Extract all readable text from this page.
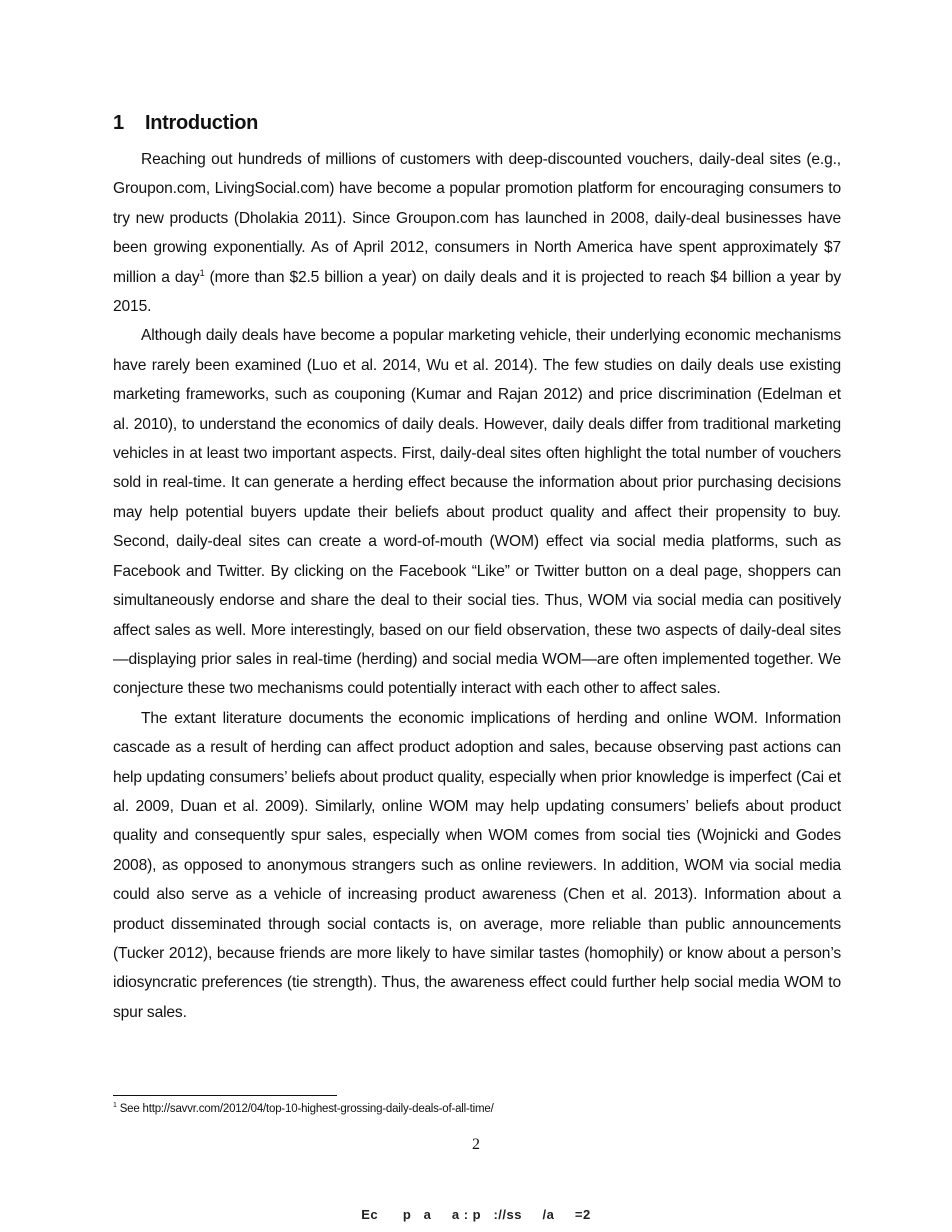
1 Introduction

Reaching out hundreds of millions of customers with deep-discounted vouchers, daily-deal sites (e.g., Groupon.com, LivingSocial.com) have become a popular promotion platform for encouraging consumers to try new products (Dholakia 2011). Since Groupon.com has launched in 2008, daily-deal businesses have been growing exponentially. As of April 2012, consumers in North America have spent approximately $7 million a day$^1$ (more than $2.5 billion a year) on daily deals and it is projected to reach $4 billion a year by 2015.

Although daily deals have become a popular marketing vehicle, their underlying economic mechanisms have rarely been examined (Luo et al. 2014, Wu et al. 2014). The few studies on daily deals use existing marketing frameworks, such as couponing (Kumar and Rajan 2012) and price discrimination (Edelman et al. 2010), to understand the economics of daily deals. However, daily deals differ from traditional marketing vehicles in at least two important aspects. First, daily-deal sites often highlight the total number of vouchers sold in real-time. It can generate a herding effect because the information about prior purchasing decisions may help potential buyers update their beliefs about product quality and affect their propensity to buy. Second, daily-deal sites can create a word-of-mouth (WOM) effect via social media platforms, such as Facebook and Twitter. By clicking on the Facebook “Like” or Twitter button on a deal page, shoppers can simultaneously endorse and share the deal to their social ties. Thus, WOM via social media can positively affect sales as well. More interestingly, based on our field observation, these two aspects of daily-deal sites—displaying prior sales in real-time (herding) and social media WOM—are often implemented together. We conjecture these two mechanisms could potentially interact with each other to affect sales.

The extant literature documents the economic implications of herding and online WOM. Information cascade as a result of herding can affect product adoption and sales, because observing past actions can help updating consumers’ beliefs about product quality, especially when prior knowledge is imperfect (Cai et al. 2009, Duan et al. 2009). Similarly, online WOM may help updating consumers’ beliefs about product quality and consequently spur sales, especially when WOM comes from social ties (Wojnicki and Godes 2008), as opposed to anonymous strangers such as online reviewers. In addition, WOM via social media could also serve as a vehicle of increasing product awareness (Chen et al. 2013). Information about a product disseminated through social contacts is, on average, more reliable than public announcements (Tucker 2012), because friends are more likely to have similar tastes (homophily) or know about a person’s idiosyncratic preferences (tie strength). Thus, the awareness effect could further help social media WOM to spur sales.

$^1$ See http://savvr.com/2012/04/top-10-highest-grossing-daily-deals-of-all-time/
2
Ec      p   a     a : p   ://ss     /a     =2
